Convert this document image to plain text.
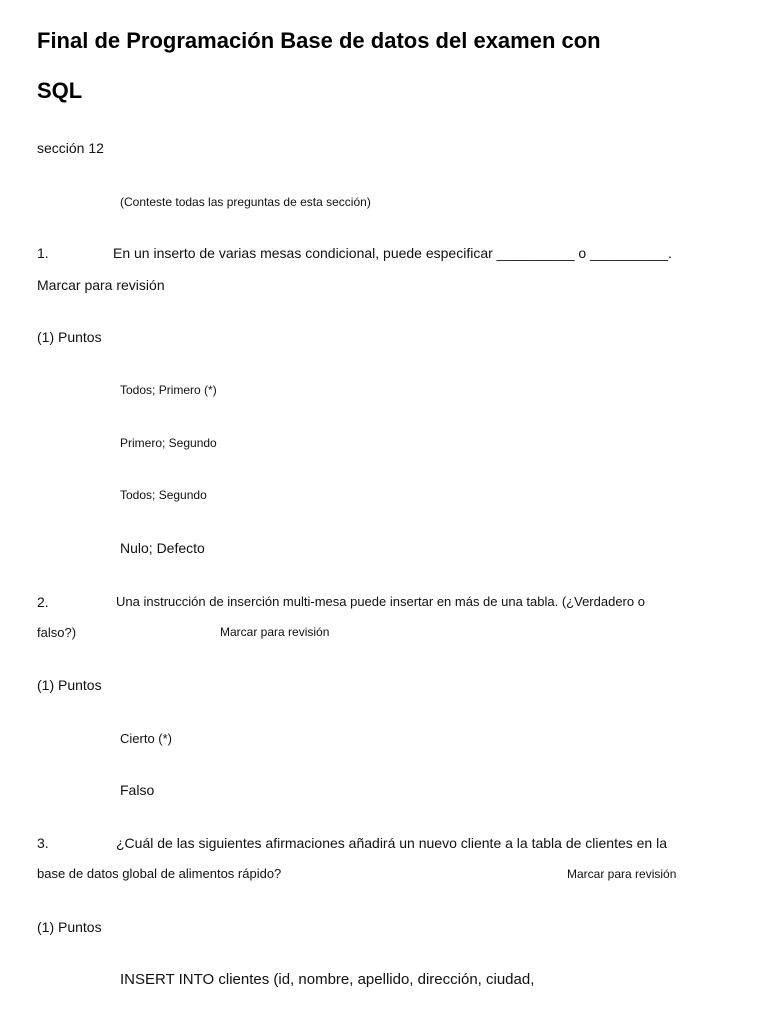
Final de Programación Base de datos del examen con
SQL
sección 12
(Conteste todas las preguntas de esta sección)
1.	En un inserto de varias mesas condicional, puede especificar __________ o __________.
Marcar para revisión
(1) Puntos
Todos; Primero (*)
Primero; Segundo
Todos; Segundo
Nulo; Defecto
2.	Una instrucción de inserción multi-mesa puede insertar en más de una tabla. (¿Verdadero o
falso?)	Marcar para revisión
(1) Puntos
Cierto (*)
Falso
3.	¿Cuál de las siguientes afirmaciones añadirá un nuevo cliente a la tabla de clientes en la
base de datos global de alimentos rápido?	Marcar para revisión
(1) Puntos
INSERT INTO clientes (id, nombre, apellido, dirección, ciudad,
